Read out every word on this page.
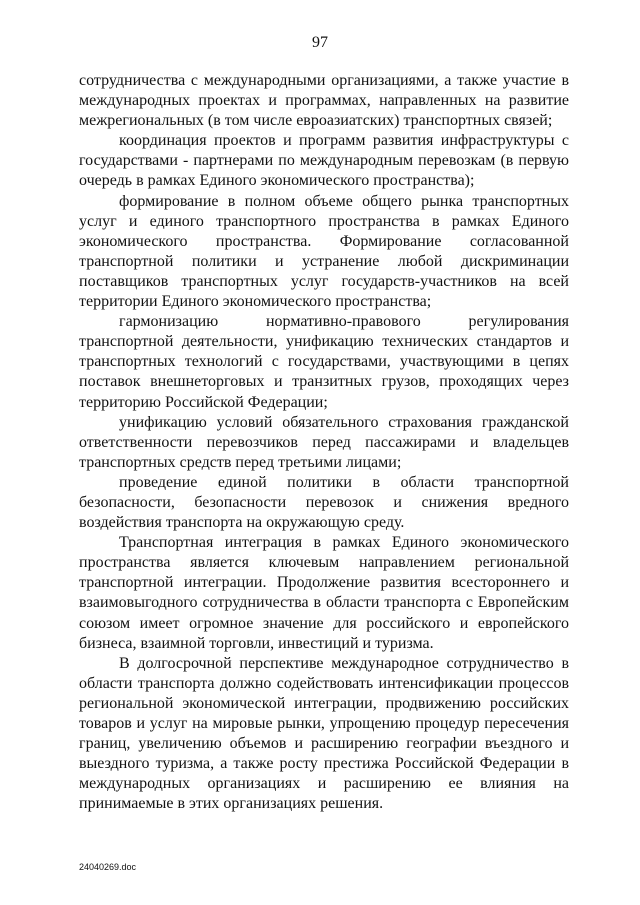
97

сотрудничества с международными организациями, а также участие в международных проектах и программах, направленных на развитие межрегиональных (в том числе евроазиатских) транспортных связей;

координация проектов и программ развития инфраструктуры с государствами - партнерами по международным перевозкам (в первую очередь в рамках Единого экономического пространства);

формирование в полном объеме общего рынка транспортных услуг и единого транспортного пространства в рамках Единого экономического пространства. Формирование согласованной транспортной политики и устранение любой дискриминации поставщиков транспортных услуг государств-участников на всей территории Единого экономического пространства;

гармонизацию нормативно-правового регулирования транспортной деятельности, унификацию технических стандартов и транспортных технологий с государствами, участвующими в цепях поставок внешнеторговых и транзитных грузов, проходящих через территорию Российской Федерации;

унификацию условий обязательного страхования гражданской ответственности перевозчиков перед пассажирами и владельцев транспортных средств перед третьими лицами;

проведение единой политики в области транспортной безопасности, безопасности перевозок и снижения вредного воздействия транспорта на окружающую среду.

Транспортная интеграция в рамках Единого экономического пространства является ключевым направлением региональной транспортной интеграции. Продолжение развития всестороннего и взаимовыгодного сотрудничества в области транспорта с Европейским союзом имеет огромное значение для российского и европейского бизнеса, взаимной торговли, инвестиций и туризма.

В долгосрочной перспективе международное сотрудничество в области транспорта должно содействовать интенсификации процессов региональной экономической интеграции, продвижению российских товаров и услуг на мировые рынки, упрощению процедур пересечения границ, увеличению объемов и расширению географии въездного и выездного туризма, а также росту престижа Российской Федерации в международных организациях и расширению ее влияния на принимаемые в этих организациях решения.

24040269.doc
